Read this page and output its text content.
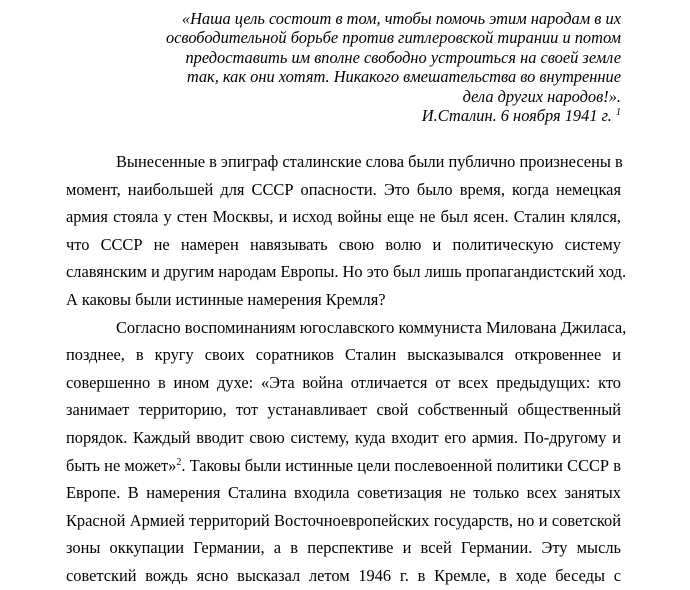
«Наша цель состоит в том, чтобы помочь этим народам в их
освободительной борьбе против гитлеровской тирании и потом
предоставить им вполне свободно устроиться на своей земле
так, как они хотят. Никакого вмешательства во внутренние
дела других народов!».
И.Сталин. 6 ноября 1941 г. $^1$
Вынесенные в эпиграф сталинские слова были публично произнесены в
момент, наибольшей для СССР опасности. Это было время, когда немецкая
армия стояла у стен Москвы, и исход войны еще не был ясен. Сталин клялся,
что СССР не намерен навязывать свою волю и политическую систему
славянским и другим народам Европы. Но это был лишь пропагандистский ход.
А каковы были истинные намерения Кремля?
Согласно воспоминаниям югославского коммуниста Милована Джиласа,
позднее, в кругу своих соратников Сталин высказывался откровеннее и
совершенно в ином духе: «Эта война отличается от всех предыдущих: кто
занимает территорию, тот устанавливает свой собственный общественный
порядок. Каждый вводит свою систему, куда входит его армия. По-другому и
быть не может»$^2$. Таковы были истинные цели послевоенной политики СССР в
Европе. В намерения Сталина входила советизация не только всех занятых
Красной Армией территорий Восточноевропейских государств, но и советской
зоны оккупации Германии, а в перспективе и всей Германии. Эту мысль
советский вождь ясно высказал летом 1946 г. в Кремле, в ходе беседы с
